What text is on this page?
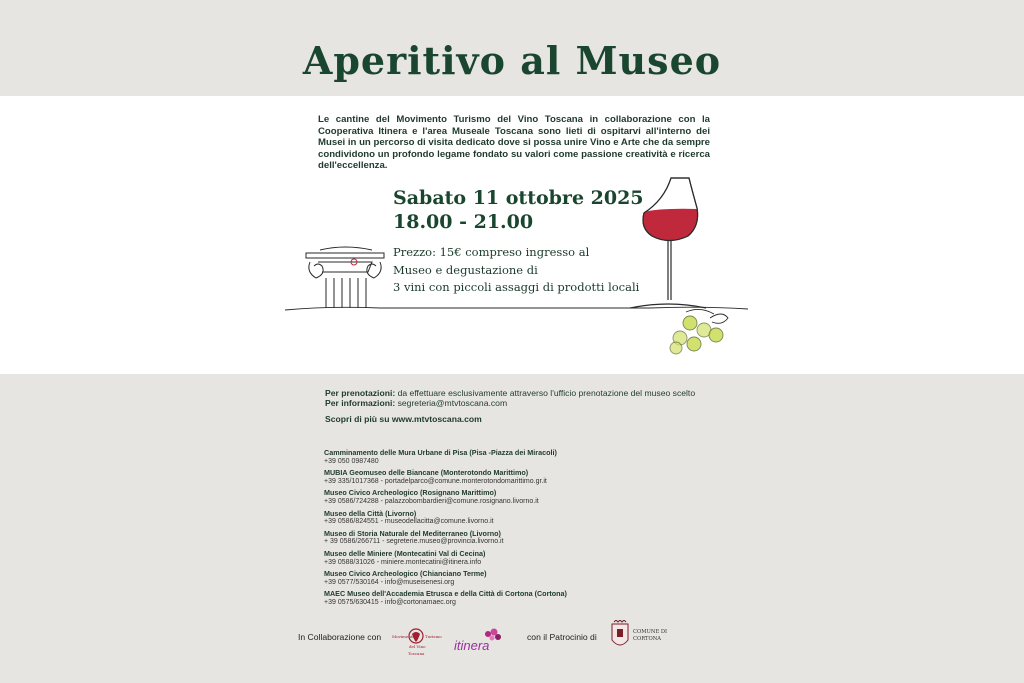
Aperitivo al Museo
Le cantine del Movimento Turismo del Vino Toscana in collaborazione con la Cooperativa Itinera e l'area Museale Toscana sono lieti di ospitarvi all'interno dei Musei in un percorso di visita dedicato dove si possa unire Vino e Arte che da sempre condividono un profondo legame fondato su valori come passione creatività e ricerca dell'eccellenza.
Sabato 11 ottobre 2025
18.00 - 21.00
Prezzo: 15€ compreso ingresso al
Museo e degustazione di
3 vini con piccoli assaggi di prodotti locali
Per prenotazioni: da effettuare esclusivamente attraverso l'ufficio prenotazione del museo scelto
Per informazioni: segreteria@mtvtoscana.com
Scopri di più su www.mtvtoscana.com
Camminamento delle Mura Urbane di Pisa (Pisa -Piazza dei Miracoli)
+39 050 0987480
MUBIA Geomuseo delle Biancane (Monterotondo Marittimo)
+39 335/1017368 - portadelparco@comune.monterotondomarittimo.gr.it
Museo Civico Archeologico (Rosignano Marittimo)
+39 0586/724288 - palazzobombardieri@comune.rosignano.livorno.it
Museo della Città (Livorno)
+39 0586/824551 - museodellacitta@comune.livorno.it
Museo di Storia Naturale del Mediterraneo (Livorno)
+ 39 0586/266711 - segreterie.museo@provincia.livorno.it
Museo delle Miniere (Montecatini Val di Cecina)
+39 0588/31026 - miniere.montecatini@itinera.info
Museo Civico Archeologico (Chianciano Terme)
+39 0577/530164 - info@museisenesi.org
MAEC Museo dell'Accademia Etrusca e della Città di Cortona (Cortona)
+39 0575/630415 - info@cortonamaec.org
In Collaborazione con	Movimento	Turismo
del Vino
Toscana
itinera
con il Patrocinio di	COMUNE DI
CORTONA
